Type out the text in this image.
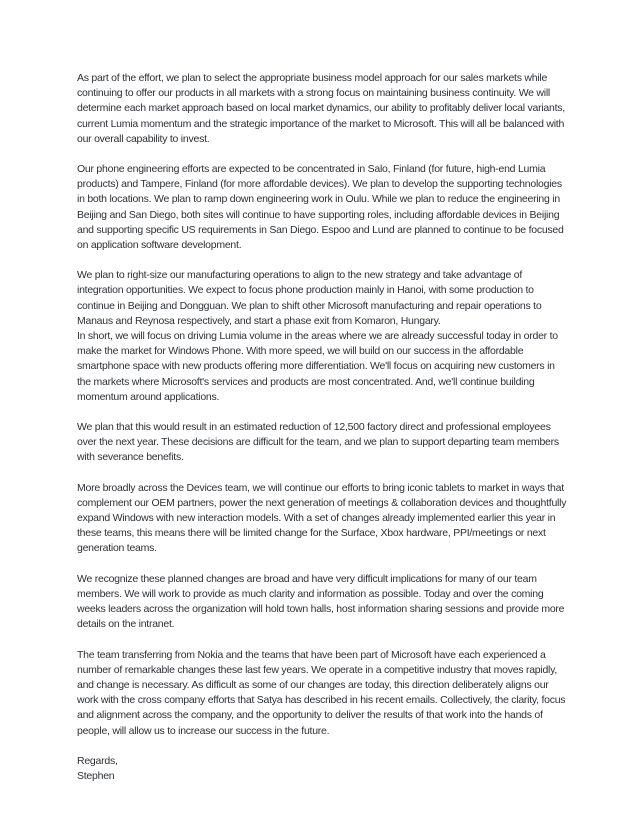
As part of the effort, we plan to select the appropriate business model approach for our sales markets while continuing to offer our products in all markets with a strong focus on maintaining business continuity. We will determine each market approach based on local market dynamics, our ability to profitably deliver local variants, current Lumia momentum and the strategic importance of the market to Microsoft. This will all be balanced with our overall capability to invest.

Our phone engineering efforts are expected to be concentrated in Salo, Finland (for future, high-end Lumia products) and Tampere, Finland (for more affordable devices). We plan to develop the supporting technologies in both locations. We plan to ramp down engineering work in Oulu. While we plan to reduce the engineering in Beijing and San Diego, both sites will continue to have supporting roles, including affordable devices in Beijing and supporting specific US requirements in San Diego. Espoo and Lund are planned to continue to be focused on application software development.

We plan to right-size our manufacturing operations to align to the new strategy and take advantage of integration opportunities. We expect to focus phone production mainly in Hanoi, with some production to continue in Beijing and Dongguan. We plan to shift other Microsoft manufacturing and repair operations to Manaus and Reynosa respectively, and start a phase exit from Komaron, Hungary.

In short, we will focus on driving Lumia volume in the areas where we are already successful today in order to make the market for Windows Phone. With more speed, we will build on our success in the affordable smartphone space with new products offering more differentiation. We'll focus on acquiring new customers in the markets where Microsoft's services and products are most concentrated. And, we'll continue building momentum around applications.

We plan that this would result in an estimated reduction of 12,500 factory direct and professional employees over the next year. These decisions are difficult for the team, and we plan to support departing team members with severance benefits.

More broadly across the Devices team, we will continue our efforts to bring iconic tablets to market in ways that complement our OEM partners, power the next generation of meetings & collaboration devices and thoughtfully expand Windows with new interaction models. With a set of changes already implemented earlier this year in these teams, this means there will be limited change for the Surface, Xbox hardware, PPI/meetings or next generation teams.

We recognize these planned changes are broad and have very difficult implications for many of our team members. We will work to provide as much clarity and information as possible. Today and over the coming weeks leaders across the organization will hold town halls, host information sharing sessions and provide more details on the intranet.

The team transferring from Nokia and the teams that have been part of Microsoft have each experienced a number of remarkable changes these last few years. We operate in a competitive industry that moves rapidly, and change is necessary. As difficult as some of our changes are today, this direction deliberately aligns our work with the cross company efforts that Satya has described in his recent emails. Collectively, the clarity, focus and alignment across the company, and the opportunity to deliver the results of that work into the hands of people, will allow us to increase our success in the future.

Regards,
Stephen
